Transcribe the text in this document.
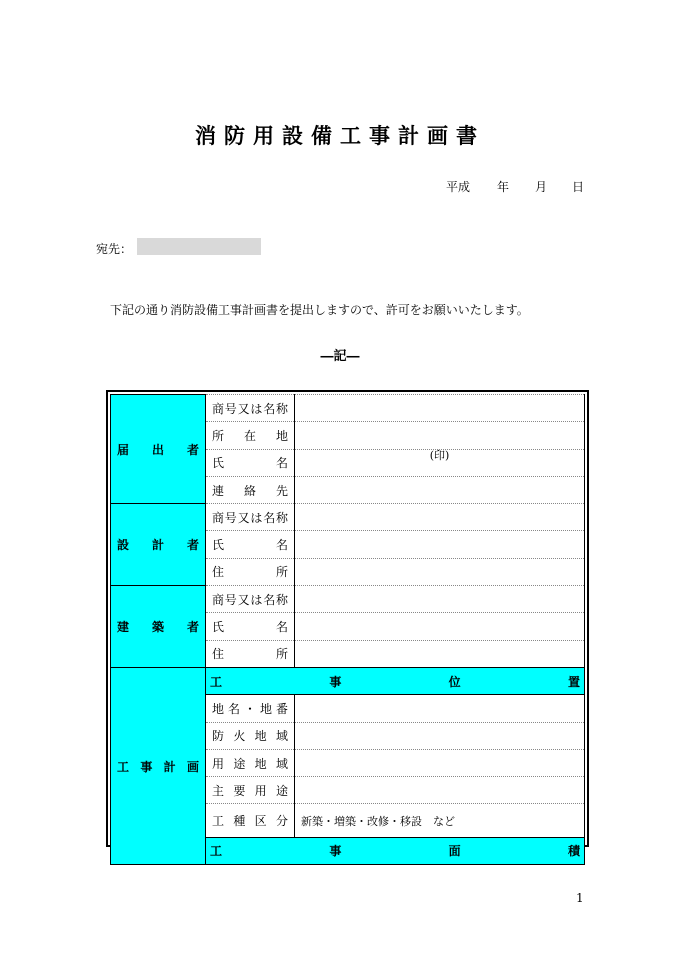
消防用設備工事計画書
平成 年 月 日
宛先：
下記の通り消防設備工事計画書を提出しますので、許可をお願いいたします。
―記―
届出者	商号又は名称	
	所在地	
	氏名	(印)
	連絡先	
設計者	商号又は名称	
	氏名	
	住所	
建築者	商号又は名称	
	氏名	
	住所	
工事計画	工事位置	
	地名・地番	
	防火地域	
	用途地域	
	主要用途	
	工種区分	新築・増築・改修・移設　など
	工事面積	
1
